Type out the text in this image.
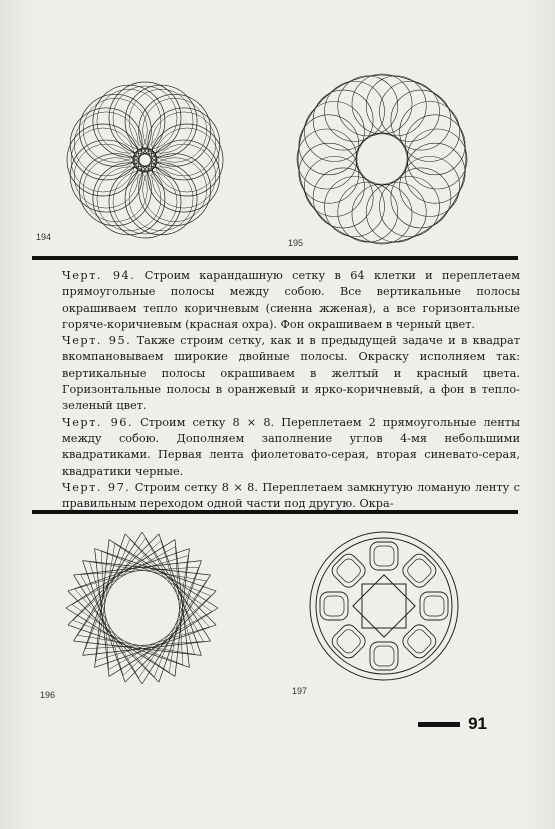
194
195

Черт. 94. Строим карандашную сетку в 64 клетки и переплетаем прямоугольные полосы между собою. Все вертикальные полосы окрашиваем тепло коричневым (сиенна жженая), а все горизонтальные горяче-коричневым (красная охра). Фон окрашиваем в черный цвет.

Черт. 95. Также строим сетку, как и в предыдущей задаче и в квадрат вкомпановываем широкие двойные полосы. Окраску исполняем так: вертикальные полосы окрашиваем в желтый и красный цвета. Горизонтальные полосы в оранжевый и ярко-коричневый, а фон в тепло-зеленый цвет.

Черт. 96. Строим сетку 8 × 8. Переплетаем 2 прямоугольные ленты между собою. Дополняем заполнение углов 4-мя небольшими квадратиками. Первая лента фиолетовато-серая, вторая синевато-серая, квадратики черные.

Черт. 97. Строим сетку 8 × 8. Переплетаем замкнутую ломаную ленту с правильным переходом одной части под другую. Окра-

196	197
91
